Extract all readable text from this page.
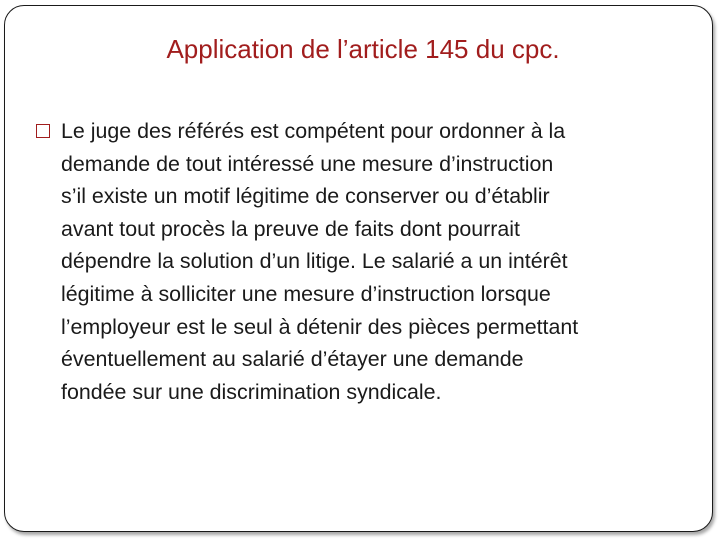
Application de l’article 145 du cpc.
Le juge des référés est compétent pour ordonner à la
demande de tout intéressé une mesure d’instruction
s’il existe un motif légitime de conserver ou d’établir
avant tout procès la preuve de faits dont pourrait
dépendre la solution d’un litige. Le salarié a un intérêt
légitime à solliciter une mesure d’instruction lorsque
l’employeur est le seul à détenir des pièces permettant
éventuellement au salarié d’étayer une demande
fondée sur une discrimination syndicale.
